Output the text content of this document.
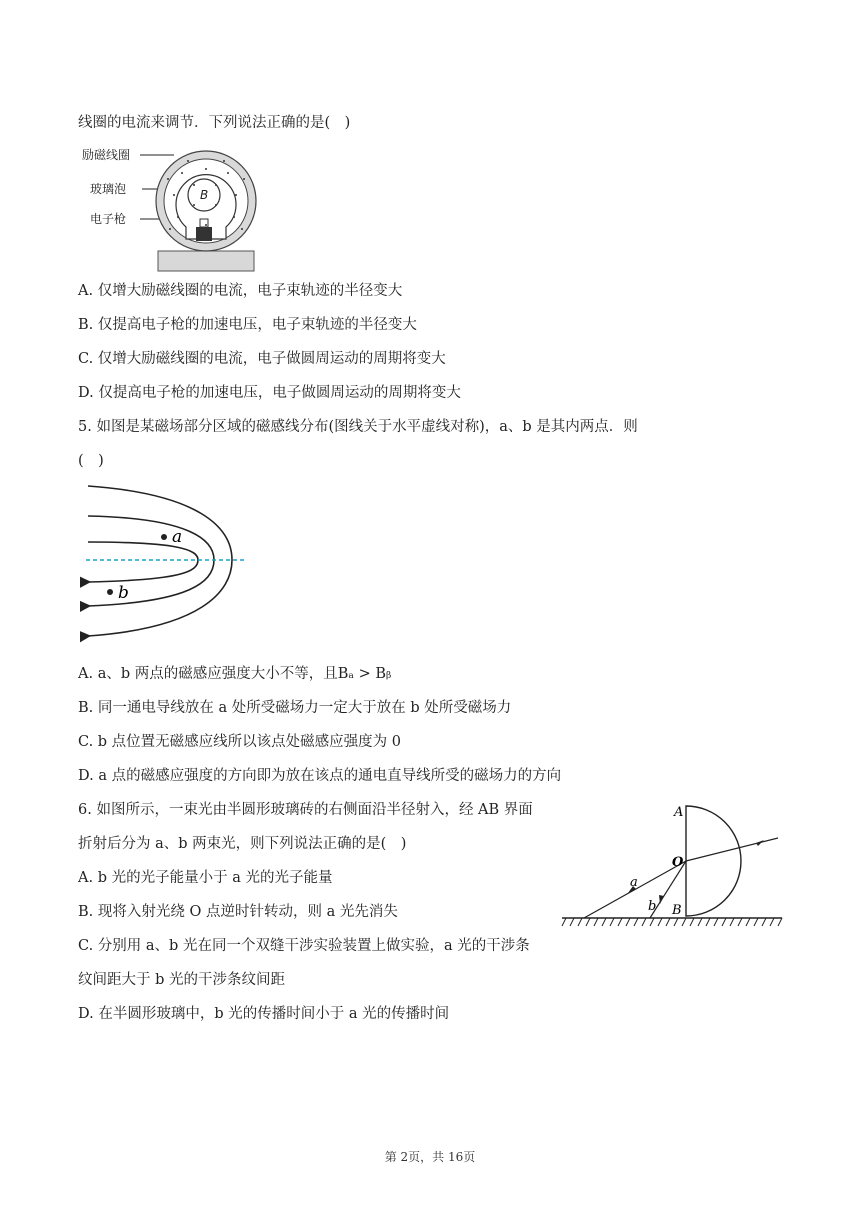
线圈的电流来调节．下列说法正确的是(　)
励磁线圈
玻璃泡
电子枪
B
A. 仅增大励磁线圈的电流，电子束轨迹的半径变大
B. 仅提高电子枪的加速电压，电子束轨迹的半径变大
C. 仅增大励磁线圈的电流，电子做圆周运动的周期将变大
D. 仅提高电子枪的加速电压，电子做圆周运动的周期将变大
5. 如图是某磁场部分区域的磁感线分布(图线关于水平虚线对称)，a、b 是其内两点．则
(　)
a
b
A. a、b 两点的磁感应强度大小不等，且Bₐ > Bᵦ
B. 同一通电导线放在 a 处所受磁场力一定大于放在 b 处所受磁场力
C. b 点位置无磁感应线所以该点处磁感应强度为 0
D. a 点的磁感应强度的方向即为放在该点的通电直导线所受的磁场力的方向
6. 如图所示，一束光由半圆形玻璃砖的右侧面沿半径射入，经 AB 界面
折射后分为 a、b 两束光，则下列说法正确的是(　)
A. b 光的光子能量小于 a 光的光子能量
B. 现将入射光绕 O 点逆时针转动，则 a 光先消失
C. 分别用 a、b 光在同一个双缝干涉实验装置上做实验，a 光的干涉条
纹间距大于 b 光的干涉条纹间距
D. 在半圆形玻璃中，b 光的传播时间小于 a 光的传播时间
A
B
O
a
b
第 2页，共 16页
